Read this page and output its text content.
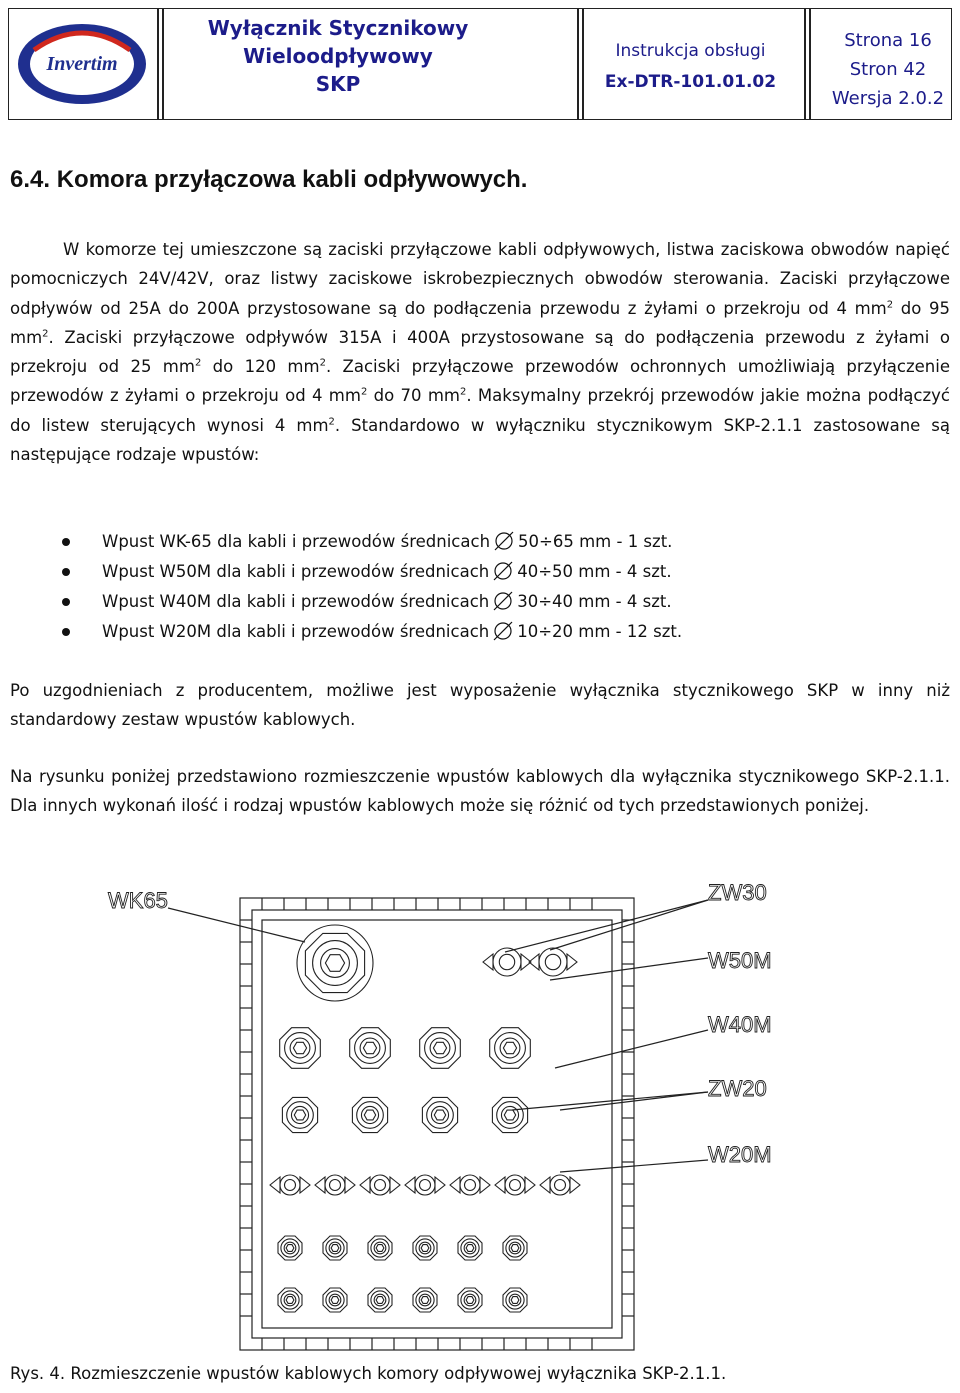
Invertim
Wyłącznik Stycznikowy
Wieloodpływowy
SKP
Instrukcja obsługi
Ex-DTR-101.01.02
Strona 16
Stron 42
Wersja 2.0.2
6.4. Komora przyłączowa kabli odpływowych.

W komorze tej umieszczone są zaciski przyłączowe kabli odpływowych, listwa zaciskowa obwodów napięć pomocniczych 24V/42V, oraz listwy zaciskowe iskrobezpiecznych obwodów sterowania. Zaciski przyłączowe odpływów od 25A do 200A przystosowane są do podłączenia przewodu z żyłami o przekroju od 4 $mm^2$ do 95 $mm^2$. Zaciski przyłączowe odpływów 315A i 400A przystosowane są do podłączenia przewodu z żyłami o przekroju od 25 $mm^2$ do 120 $mm^2$. Zaciski przyłączowe przewodów ochronnych umożliwiają przyłączenie przewodów z żyłami o przekroju od 4 $mm^2$ do 70 $mm^2$. Maksymalny przekrój przewodów jakie można podłączyć do listew sterujących wynosi 4 $mm^2$. Standardowo w wyłączniku stycznikowym SKP-2.1.1 zastosowane są następujące rodzaje wpustów:

Wpust WK-65 dla kabli i przewodów średnicach 50÷65 mm - 1 szt.
Wpust W50M dla kabli i przewodów średnicach 40÷50 mm - 4 szt.
Wpust W40M dla kabli i przewodów średnicach 30÷40 mm - 4 szt.
Wpust W20M dla kabli i przewodów średnicach 10÷20 mm - 12 szt.

Po uzgodnieniach z producentem, możliwe jest wyposażenie wyłącznika stycznikowego SKP w inny niż standardowy zestaw wpustów kablowych.

Na rysunku poniżej przedstawiono rozmieszczenie wpustów kablowych dla wyłącznika stycznikowego SKP-2.1.1. Dla innych wykonań ilość i rodzaj wpustów kablowych może się różnić od tych przedstawionych poniżej.

WK65	ZW30
W50M
W40M
ZW20
W20M

Rys. 4. Rozmieszczenie wpustów kablowych komory odpływowej wyłącznika SKP-2.1.1.
